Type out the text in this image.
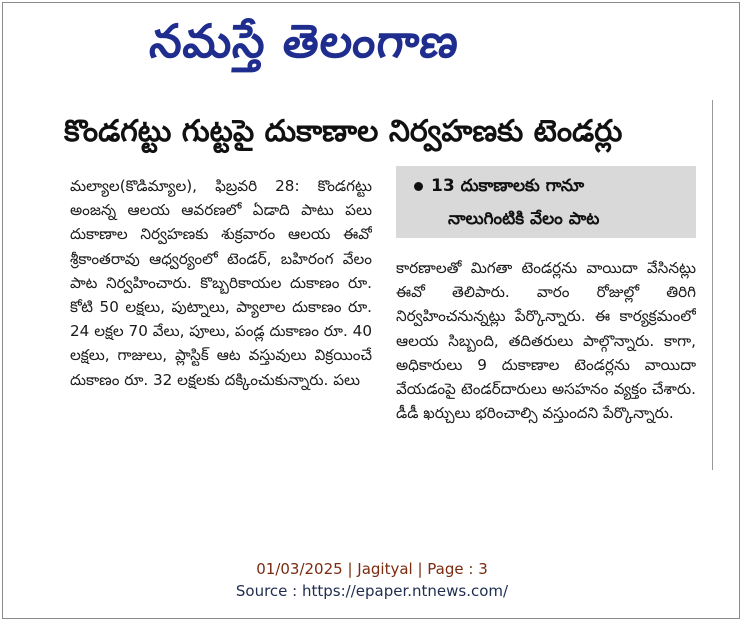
నమస్తే తెలంగాణ
కొండగట్టు గుట్టపై దుకాణాల నిర్వహణకు టెండర్లు
మల్యాల(కొడిమ్యాల), ఫిబ్రవరి 28: కొండగట్టు అంజన్న ఆలయ ఆవరణలో ఏడాది పాటు పలు దుకాణాల నిర్వహణకు శుక్రవారం ఆలయ ఈవో శ్రీకాంతరావు ఆధ్వర్యంలో టెండర్, బహిరంగ వేలం పాట నిర్వహించారు. కొబ్బరికాయల దుకాణం రూ. కోటి 50 లక్షలు, పుట్నాలు, ప్యాలాల దుకాణం రూ. 24 లక్షల 70 వేలు, పూలు, పండ్ల దుకాణం రూ. 40 లక్షలు, గాజులు, ప్లాస్టిక్ ఆట వస్తువులు విక్రయించే దుకాణం రూ. 32 లక్షలకు దక్కించుకున్నారు. పలు
13 దుకాణాలకు గానూ
నాలుగింటికి వేలం పాట
కారణాలతో మిగతా టెండర్లను వాయిదా వేసినట్లు ఈవో తెలిపారు. వారం రోజుల్లో తిరిగి నిర్వహించనున్నట్లు పేర్కొన్నారు. ఈ కార్యక్రమంలో ఆలయ సిబ్బంది, తదితరులు పాల్గొన్నారు. కాగా, అధికారులు 9 దుకాణాల టెండర్లను వాయిదా వేయడంపై టెండర్‌దారులు అసహనం వ్యక్తం చేశారు. డీడీ ఖర్చులు భరించాల్సి వస్తుందని పేర్కొన్నారు.
01/03/2025 | Jagityal | Page : 3
Source : https://epaper.ntnews.com/
